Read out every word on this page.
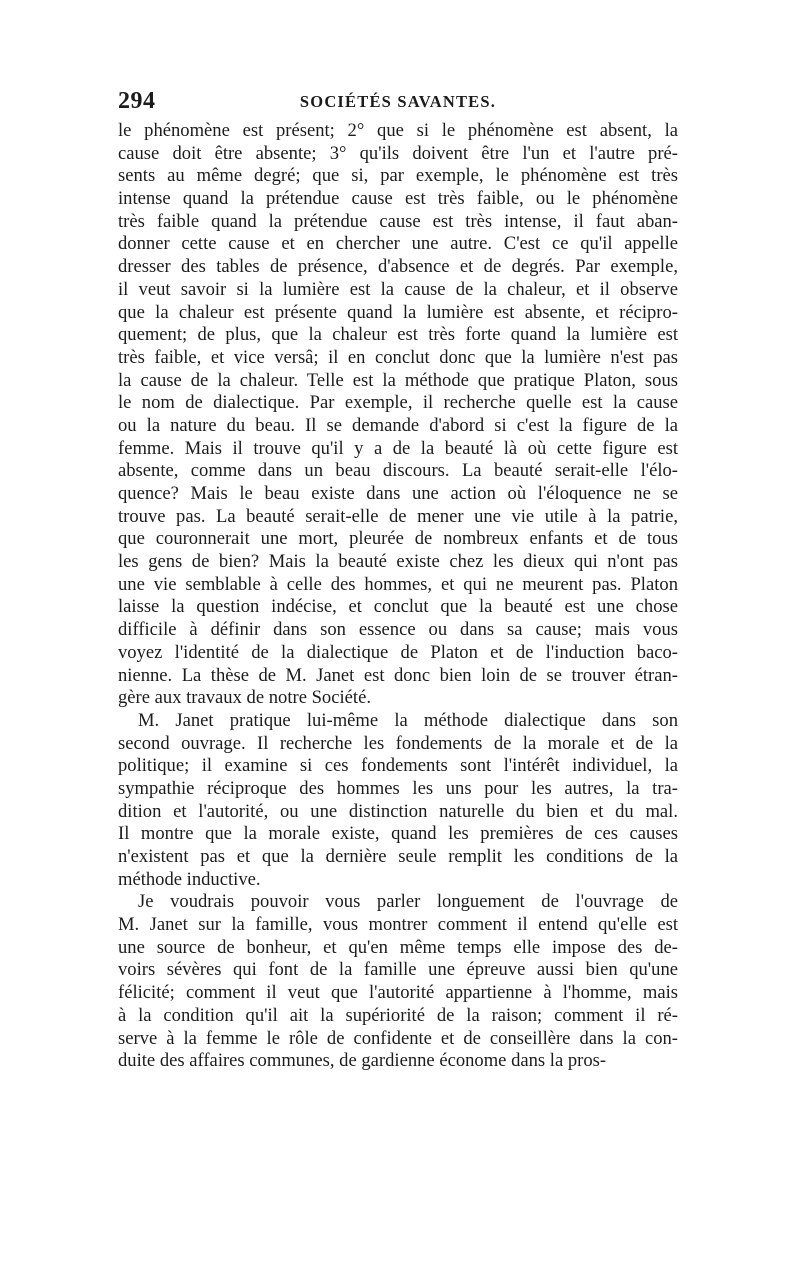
294	SOCIÉTÉS SAVANTES.
le phénomène est présent; 2° que si le phénomène est absent, la
cause doit être absente; 3° qu'ils doivent être l'un et l'autre pré-
sents au même degré; que si, par exemple, le phénomène est très
intense quand la prétendue cause est très faible, ou le phénomène
très faible quand la prétendue cause est très intense, il faut aban-
donner cette cause et en chercher une autre. C'est ce qu'il appelle
dresser des tables de présence, d'absence et de degrés. Par exemple,
il veut savoir si la lumière est la cause de la chaleur, et il observe
que la chaleur est présente quand la lumière est absente, et récipro-
quement; de plus, que la chaleur est très forte quand la lumière est
très faible, et vice versâ; il en conclut donc que la lumière n'est pas
la cause de la chaleur. Telle est la méthode que pratique Platon, sous
le nom de dialectique. Par exemple, il recherche quelle est la cause
ou la nature du beau. Il se demande d'abord si c'est la figure de la
femme. Mais il trouve qu'il y a de la beauté là où cette figure est
absente, comme dans un beau discours. La beauté serait-elle l'élo-
quence? Mais le beau existe dans une action où l'éloquence ne se
trouve pas. La beauté serait-elle de mener une vie utile à la patrie,
que couronnerait une mort, pleurée de nombreux enfants et de tous
les gens de bien? Mais la beauté existe chez les dieux qui n'ont pas
une vie semblable à celle des hommes, et qui ne meurent pas. Platon
laisse la question indécise, et conclut que la beauté est une chose
difficile à définir dans son essence ou dans sa cause; mais vous
voyez l'identité de la dialectique de Platon et de l'induction baco-
nienne. La thèse de M. Janet est donc bien loin de se trouver étran-
gère aux travaux de notre Société.
M. Janet pratique lui-même la méthode dialectique dans son
second ouvrage. Il recherche les fondements de la morale et de la
politique; il examine si ces fondements sont l'intérêt individuel, la
sympathie réciproque des hommes les uns pour les autres, la tra-
dition et l'autorité, ou une distinction naturelle du bien et du mal.
Il montre que la morale existe, quand les premières de ces causes
n'existent pas et que la dernière seule remplit les conditions de la
méthode inductive.
Je voudrais pouvoir vous parler longuement de l'ouvrage de
M. Janet sur la famille, vous montrer comment il entend qu'elle est
une source de bonheur, et qu'en même temps elle impose des de-
voirs sévères qui font de la famille une épreuve aussi bien qu'une
félicité; comment il veut que l'autorité appartienne à l'homme, mais
à la condition qu'il ait la supériorité de la raison; comment il ré-
serve à la femme le rôle de confidente et de conseillère dans la con-
duite des affaires communes, de gardienne économe dans la pros-
